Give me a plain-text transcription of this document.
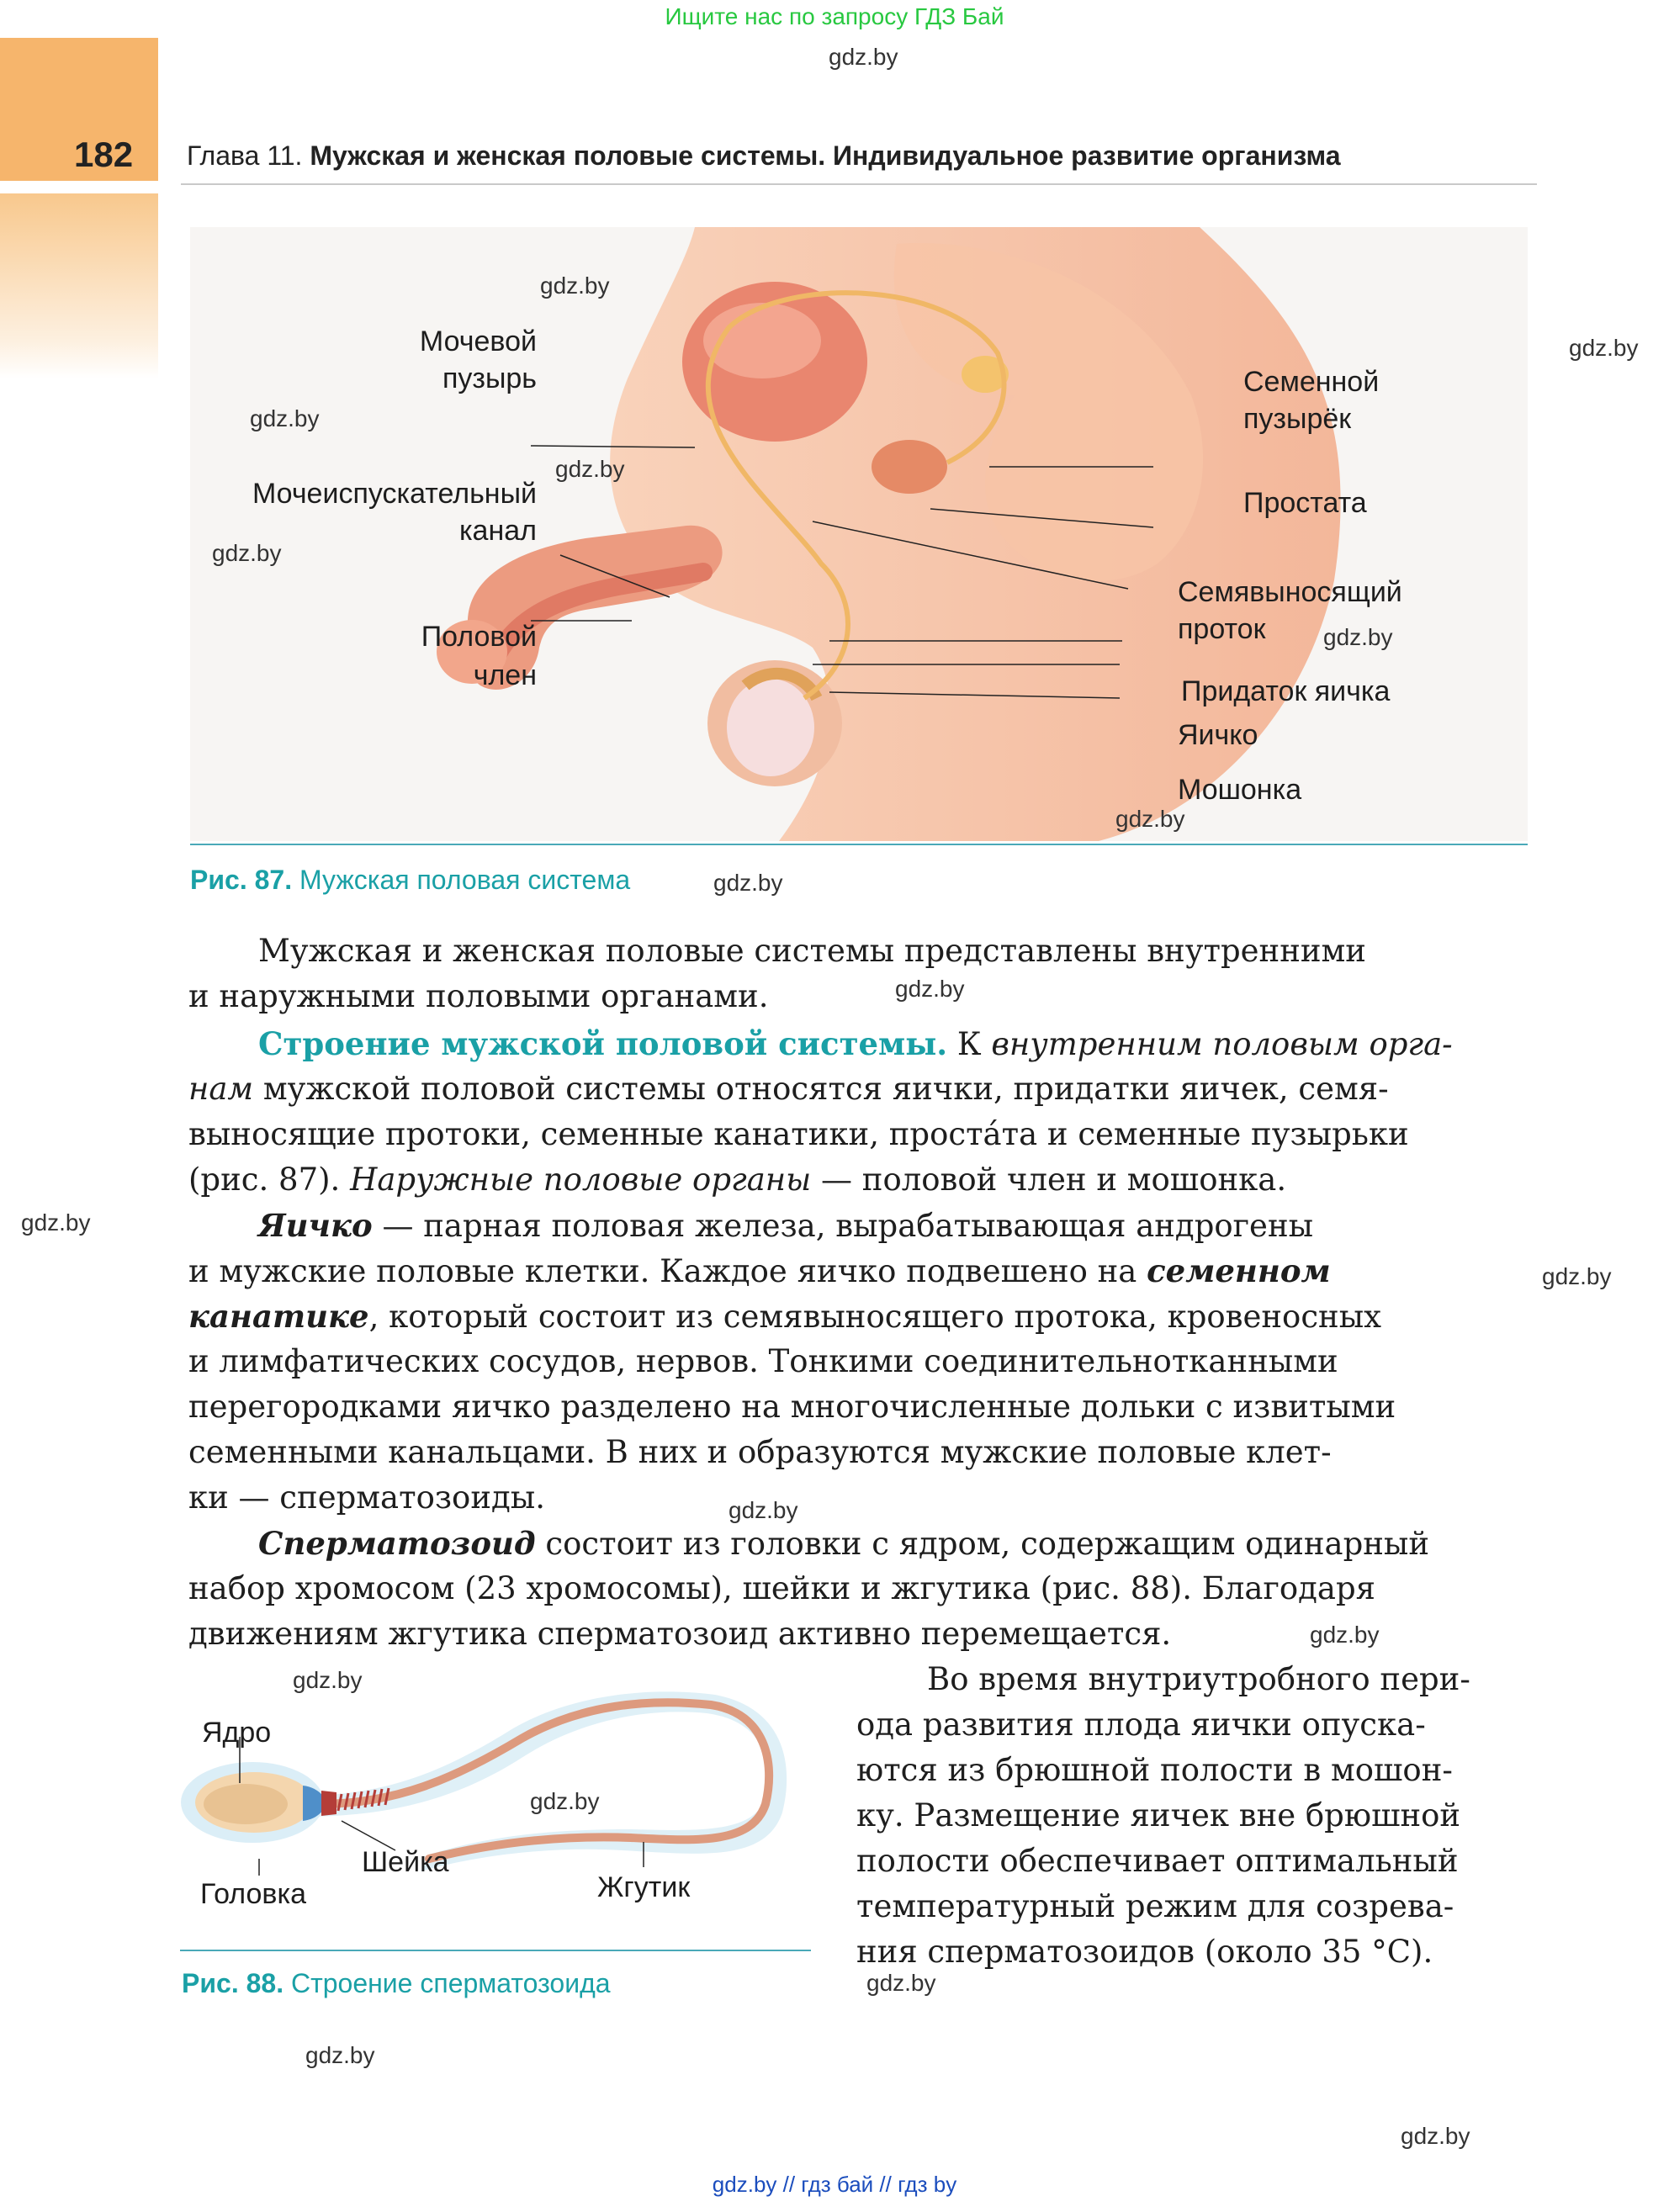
Ищите нас по запросу ГДЗ Бай
gdz.by
182 Глава 11. Мужская и женская половые системы. Индивидуальное развитие организма
Мочевой
пузырь
Мочеиспускательный
канал
Половой
член
Семенной
пузырёк
Простата
Семявыносящий
проток
Придаток яичка
Яичко
Мошонка
gdz.by
gdz.by
gdz.by
gdz.by
gdz.by
gdz.by
gdz.by
Рис. 87. Мужская половая система	gdz.by
Мужская и женская половые системы представлены внутренними
и наружными половыми органами.	gdz.by
Строение мужской половой системы. К внутренним половым орга-
нам мужской половой системы относятся яички, придатки яичек, семя-
выносящие протоки, семенные канатики, проста́та и семенные пузырьки
(рис. 87). Наружные половые органы — половой член и мошонка.
Яичко — парная половая железа, вырабатывающая андрогены
gdz.by
и мужские половые клетки. Каждое яичко подвешено на семенном	gdz.by
канатике, который состоит из семявыносящего протока, кровеносных
и лимфатических сосудов, нервов. Тонкими соединительнотканными
перегородками яичко разделено на многочисленные дольки с извитыми
семенными канальцами. В них и образуются мужские половые клет-
ки — сперматозоиды.	gdz.by
Сперматозоид состоит из головки с ядром, содержащим одинарный
набор хромосом (23 хромосомы), шейки и жгутика (рис. 88). Благодаря
движениям жгутика сперматозоид активно перемещается.	gdz.by
Ядро
Головка
Шейка
Жгутик
gdz.by
gdz.by
Рис. 88. Строение сперматозоида
Во время внутриутробного пери-
ода развития плода яички опуска-
ются из брюшной полости в мошон-
ку. Размещение яичек вне брюшной
полости обеспечивает оптимальный
температурный режим для созрева-
ния сперматозоидов (около 35 °С).
gdz.by
gdz.by
gdz.by
gdz.by // гдз бай // гдз by
